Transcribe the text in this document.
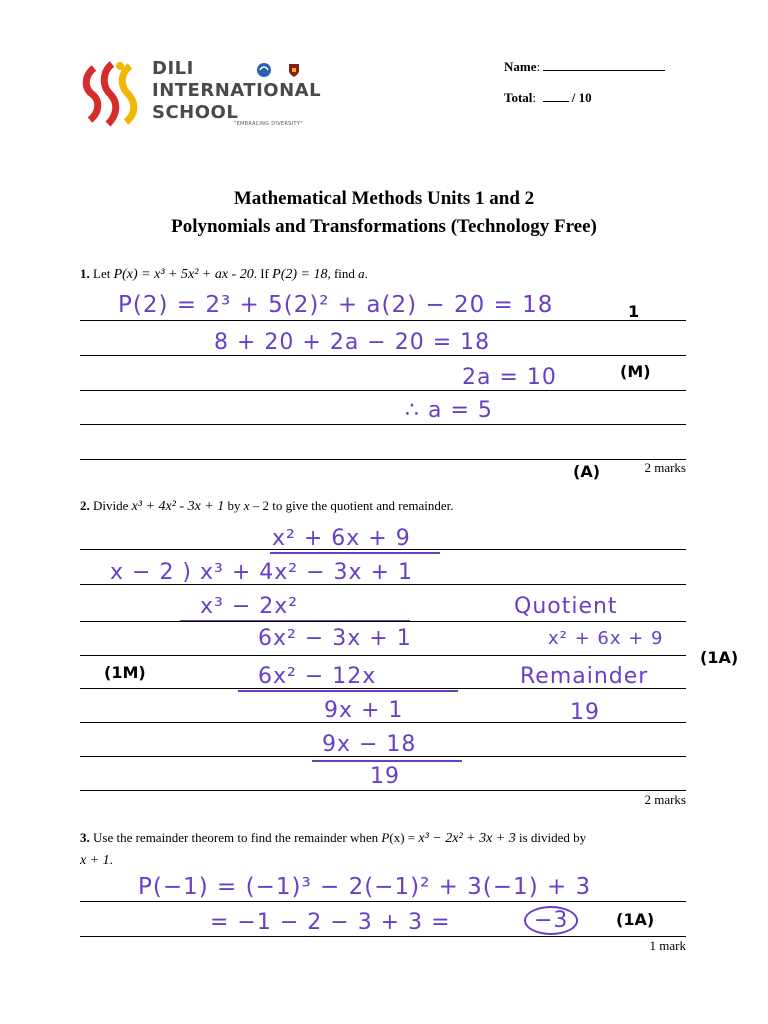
DILI
INTERNATIONAL
SCHOOL
"EMBRACING DIVERSITY"
Name:
Total:   / 10
Mathematical Methods Units 1 and 2
Polynomials and Transformations (Technology Free)
1. Let P(x) = x³ + 5x² + ax - 20. If P(2) = 18, find a.
P(2) = 2³ + 5(2)² + a(2) − 20 = 18	1
8 + 20 + 2a − 20 = 18
2a = 10	(M)
∴ a = 5
(A)	2 marks
2. Divide x³ + 4x² - 3x + 1 by x – 2 to give the quotient and remainder.
x² + 6x + 9
x − 2 ) x³ + 4x² − 3x + 1
x³ − 2x²	Quotient
6x² − 3x + 1	x² + 6x + 9
(1A)
(1M)	6x² − 12x	Remainder
9x + 1	19
9x − 18
19
2 marks
3. Use the remainder theorem to find the remainder when P(x) = x³ − 2x² + 3x + 3 is divided by
x + 1.
P(−1) = (−1)³ − 2(−1)² + 3(−1) + 3
= −1 − 2 − 3 + 3 =	−3	(1A)
1 mark
